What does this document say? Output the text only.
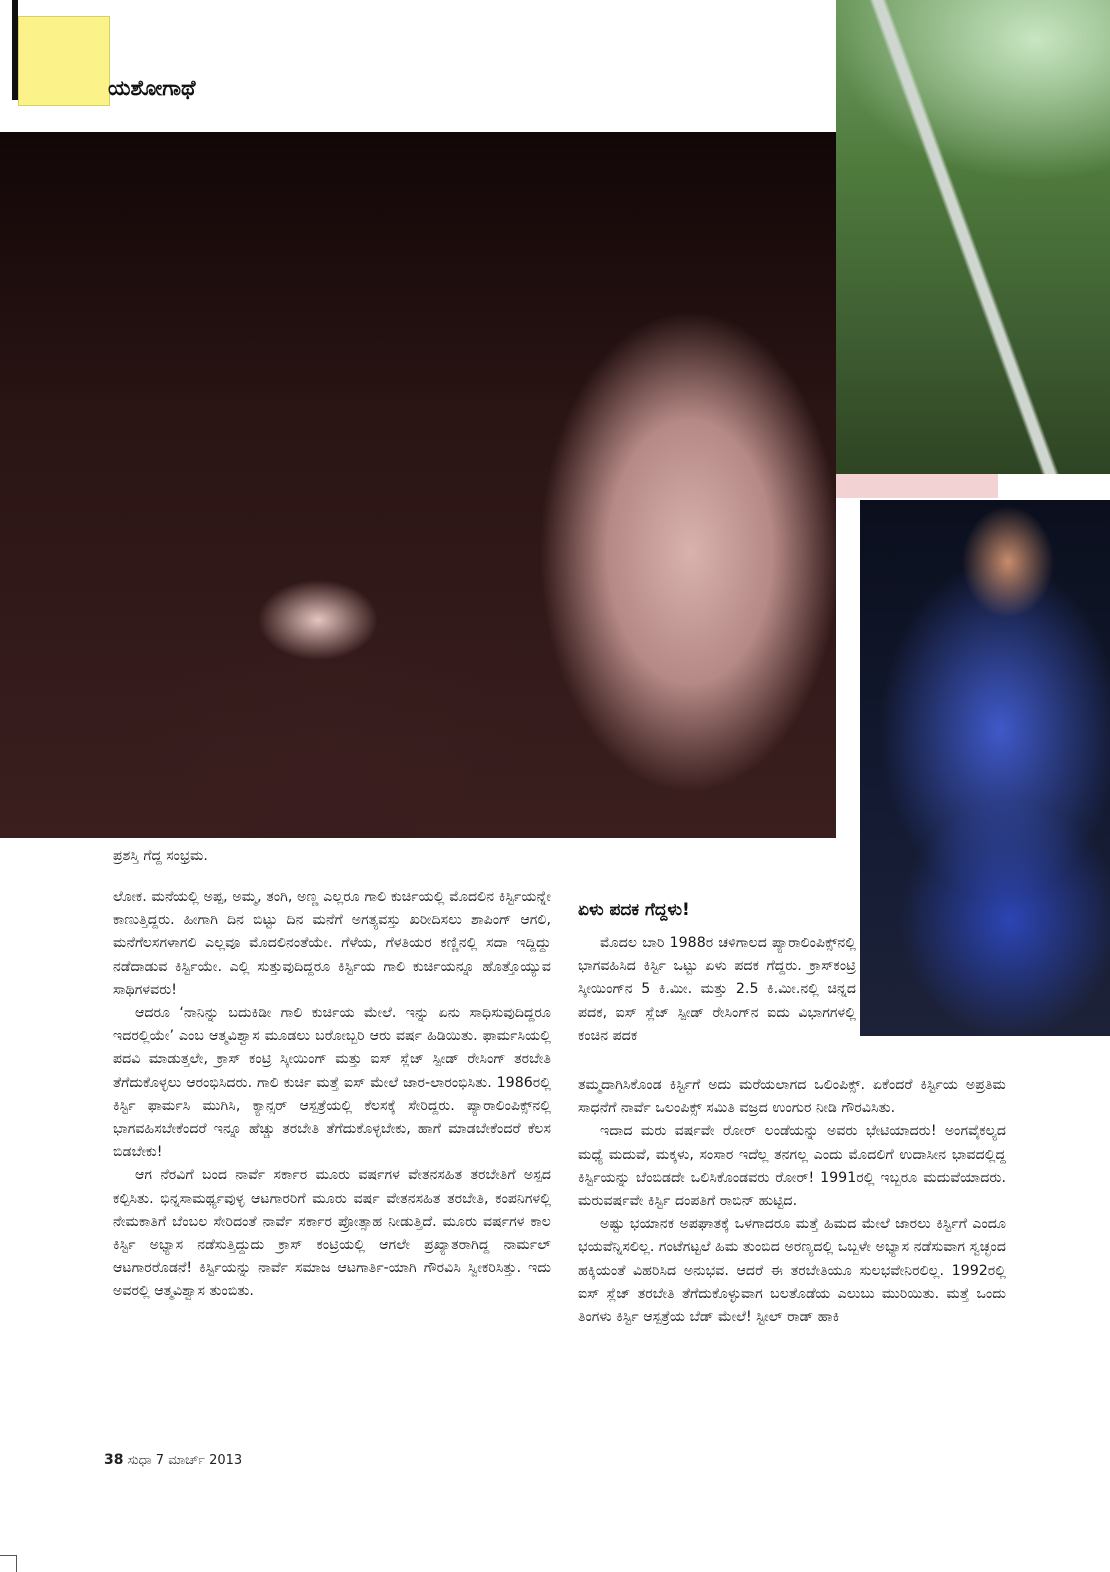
ಯಶೋಗಾಥೆ
ಪ್ರಶಸ್ತಿ ಗೆದ್ದ ಸಂಭ್ರಮ.

ಲೋಕ. ಮನೆಯಲ್ಲಿ ಅಪ್ಪ, ಅಮ್ಮ, ತಂಗಿ, ಅಣ್ಣ ಎಲ್ಲರೂ ಗಾಲಿ ಕುರ್ಚಿಯಲ್ಲಿ ಮೊದಲಿನ ಕಿರ್ಸ್ಟಿಯನ್ನೇ ಕಾಣುತ್ತಿದ್ದರು. ಹೀಗಾಗಿ ದಿನ ಬಿಟ್ಟು ದಿನ ಮನೆಗೆ ಅಗತ್ಯವಸ್ತು ಖರೀದಿಸಲು ಶಾಪಿಂಗ್ ಆಗಲಿ, ಮನೆಗೆಲಸಗಳಾಗಲಿ ಎಲ್ಲವೂ ಮೊದಲಿನಂತೆಯೇ. ಗೆಳೆಯ, ಗೆಳತಿಯರ ಕಣ್ಣಿನಲ್ಲಿ ಸದಾ ಇದ್ದಿದ್ದು ನಡೆದಾಡುವ ಕಿರ್ಸ್ಟಿಯೇ. ಎಲ್ಲಿ ಸುತ್ತುವುದಿದ್ದರೂ ಕಿರ್ಸ್ಟಿಯ ಗಾಲಿ ಕುರ್ಚಿಯನ್ನೂ ಹೊತ್ತೊಯ್ಯುವ ಸಾಥಿಗಳವರು!

ಆದರೂ ‘ನಾನಿನ್ನು ಬದುಕಿಡೀ ಗಾಲಿ ಕುರ್ಚಿಯ ಮೇಲೆ. ಇನ್ನು ಏನು ಸಾಧಿಸುವುದಿದ್ದರೂ ಇದರಲ್ಲಿಯೇ’ ಎಂಬ ಆತ್ಮವಿಶ್ವಾಸ ಮೂಡಲು ಬರೋಬ್ಬರಿ ಆರು ವರ್ಷ ಹಿಡಿಯಿತು. ಫಾರ್ಮಸಿಯಲ್ಲಿ ಪದವಿ ಮಾಡುತ್ತಲೇ, ಕ್ರಾಸ್ ಕಂಟ್ರಿ ಸ್ಕೀಯಿಂಗ್ ಮತ್ತು ಐಸ್ ಸ್ಲೆಜ್ ಸ್ಪೀಡ್ ರೇಸಿಂಗ್ ತರಬೇತಿ ತೆಗೆದುಕೊಳ್ಳಲು ಆರಂಭಿಸಿದರು. ಗಾಲಿ ಕುರ್ಚಿ ಮತ್ತೆ ಐಸ್ ಮೇಲೆ ಜಾರ-ಲಾರಂಭಿಸಿತು. 1986ರಲ್ಲಿ ಕಿರ್ಸ್ಟಿ ಫಾರ್ಮಸಿ ಮುಗಿಸಿ, ಕ್ಯಾನ್ಸರ್ ಆಸ್ಪತ್ರೆಯಲ್ಲಿ ಕೆಲಸಕ್ಕೆ ಸೇರಿದ್ದರು. ಪ್ಯಾರಾಲಿಂಪಿಕ್ಸ್‌ನಲ್ಲಿ ಭಾಗವಹಿಸಬೇಕೆಂದರೆ ಇನ್ನೂ ಹೆಚ್ಚು ತರಬೇತಿ ತೆಗೆದುಕೊಳ್ಳಬೇಕು, ಹಾಗೆ ಮಾಡಬೇಕೆಂದರೆ ಕೆಲಸ ಬಿಡಬೇಕು!

ಆಗ ನೆರವಿಗೆ ಬಂದ ನಾರ್ವೆ ಸರ್ಕಾರ ಮೂರು ವರ್ಷಗಳ ವೇತನಸಹಿತ ತರಬೇತಿಗೆ ಅಸ್ಪದ ಕಲ್ಪಿಸಿತು. ಭಿನ್ನಸಾಮರ್ಥ್ಯವುಳ್ಳ ಆಟಗಾರರಿಗೆ ಮೂರು ವರ್ಷ ವೇತನಸಹಿತ ತರಬೇತಿ, ಕಂಪನಿಗಳಲ್ಲಿ ನೇಮಕಾತಿಗೆ ಬೆಂಬಲ ಸೇರಿದಂತೆ ನಾರ್ವೆ ಸರ್ಕಾರ ಪ್ರೋತ್ಸಾಹ ನೀಡುತ್ತಿದೆ. ಮೂರು ವರ್ಷಗಳ ಕಾಲ ಕಿರ್ಸ್ಟಿ ಅಭ್ಯಾಸ ನಡೆಸುತ್ತಿದ್ದುದು ಕ್ರಾಸ್ ಕಂಟ್ರಿಯಲ್ಲಿ ಆಗಲೇ ಪ್ರಖ್ಯಾತರಾಗಿದ್ದ ನಾರ್ಮಲ್ ಆಟಗಾರರೊಡನೆ! ಕಿರ್ಸ್ಟಿಯನ್ನು ನಾರ್ವೆ ಸಮಾಜ ಆಟಗಾರ್ತಿ-ಯಾಗಿ ಗೌರವಿಸಿ ಸ್ವೀಕರಿಸಿತ್ತು. ಇದು ಅವರಲ್ಲಿ ಆತ್ಮವಿಶ್ವಾಸ ತುಂಬಿತು.

ಏಳು ಪದಕ ಗೆದ್ದಳು!

ಮೊದಲ ಬಾರಿ 1988ರ ಚಳಿಗಾಲದ ಪ್ಯಾರಾಲಿಂಪಿಕ್ಸ್‌ನಲ್ಲಿ ಭಾಗವಹಿಸಿದ ಕಿರ್ಸ್ಟಿ ಒಟ್ಟು ಏಳು ಪದಕ ಗೆದ್ದರು. ಕ್ರಾಸ್‌ಕಂಟ್ರಿ ಸ್ಕೀಯಿಂಗ್‌ನ 5 ಕಿ.ಮೀ. ಮತ್ತು 2.5 ಕಿ.ಮೀ.ನಲ್ಲಿ ಚಿನ್ನದ ಪದಕ, ಐಸ್ ಸ್ಲೆಜ್ ಸ್ಪೀಡ್ ರೇಸಿಂಗ್‌ನ ಐದು ವಿಭಾಗಗಳಲ್ಲಿ ಕಂಚಿನ ಪದಕ

ತಮ್ಮದಾಗಿಸಿಕೊಂಡ ಕಿರ್ಸ್ಟಿಗೆ ಅದು ಮರೆಯಲಾಗದ ಒಲಿಂಪಿಕ್ಸ್. ಏಕೆಂದರೆ ಕಿರ್ಸ್ಟಿಯ ಅಪ್ರತಿಮ ಸಾಧನೆಗೆ ನಾರ್ವೆ ಒಲಂಪಿಕ್ಸ್ ಸಮಿತಿ ವಜ್ರದ ಉಂಗುರ ನೀಡಿ ಗೌರವಿಸಿತು.

ಇದಾದ ಮರು ವರ್ಷವೇ ರೋರ್ ಲಂಡೆಯನ್ನು ಅವರು ಭೇಟಿಯಾದರು! ಅಂಗವೈಕಲ್ಯದ ಮಧ್ಯೆ ಮದುವೆ, ಮಕ್ಕಳು, ಸಂಸಾರ ಇದೆಲ್ಲ ತನಗಲ್ಲ ಎಂದು ಮೊದಲಿಗೆ ಉದಾಸೀನ ಭಾವದಲ್ಲಿದ್ದ ಕಿರ್ಸ್ಟಿಯನ್ನು ಬೆಂಬಿಡದೇ ಒಲಿಸಿಕೊಂಡವರು ರೋರ್! 1991ರಲ್ಲಿ ಇಬ್ಬರೂ ಮದುವೆಯಾದರು. ಮರುವರ್ಷವೇ ಕಿರ್ಸ್ಟಿ ದಂಪತಿಗೆ ರಾಬಿನ್ ಹುಟ್ಟಿದ.

ಅಷ್ಟು ಭಯಾನಕ ಅಪಘಾತಕ್ಕೆ ಒಳಗಾದರೂ ಮತ್ತೆ ಹಿಮದ ಮೇಲೆ ಜಾರಲು ಕಿರ್ಸ್ಟಿಗೆ ಎಂದೂ ಭಯವೆನ್ನಿಸಲಿಲ್ಲ. ಗಂಟೆಗಟ್ಟಲೆ ಹಿಮ ತುಂಬಿದ ಅರಣ್ಯದಲ್ಲಿ ಒಬ್ಬಳೇ ಅಭ್ಯಾಸ ನಡೆಸುವಾಗ ಸ್ವಚ್ಛಂದ ಹಕ್ಕಿಯಂತೆ ವಿಹರಿಸಿದ ಅನುಭವ. ಆದರೆ ಈ ತರಬೇತಿಯೂ ಸುಲಭವೇನಿರಲಿಲ್ಲ. 1992ರಲ್ಲಿ ಐಸ್ ಸ್ಲೆಜ್ ತರಬೇತಿ ತೆಗೆದುಕೊಳ್ಳುವಾಗ ಬಲತೊಡೆಯ ಎಲುಬು ಮುರಿಯಿತು. ಮತ್ತೆ ಒಂದು ತಿಂಗಳು ಕಿರ್ಸ್ಟಿ ಆಸ್ಪತ್ರೆಯ ಬೆಡ್ ಮೇಲೆ! ಸ್ಟೀಲ್ ರಾಡ್ ಹಾಕಿ

38 ಸುಧಾ 7 ಮಾರ್ಚ್ 2013
